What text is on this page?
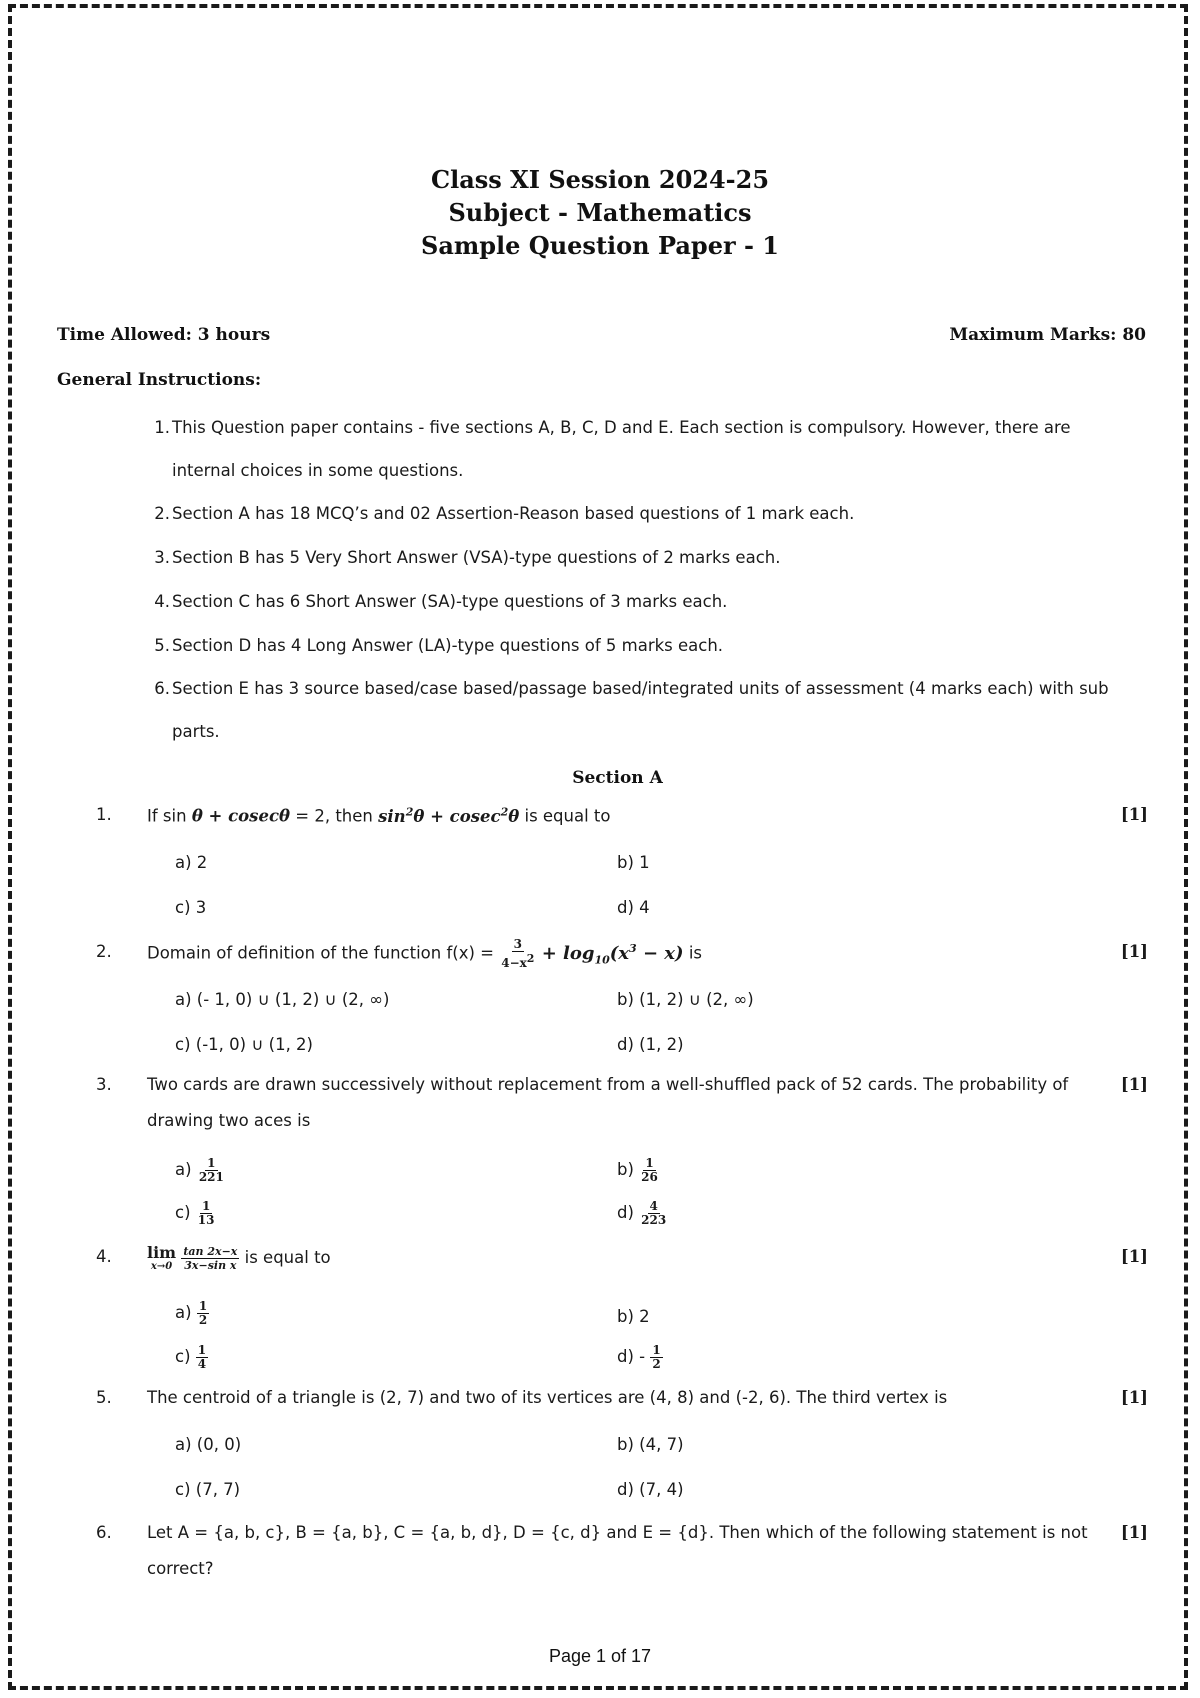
Class XI Session 2024-25
Subject - Mathematics
Sample Question Paper - 1
Time Allowed: 3 hours	Maximum Marks: 80
General Instructions:
1. This Question paper contains - five sections A, B, C, D and E. Each section is compulsory. However, there are
internal choices in some questions.
2. Section A has 18 MCQ’s and 02 Assertion-Reason based questions of 1 mark each.
3. Section B has 5 Very Short Answer (VSA)-type questions of 2 marks each.
4. Section C has 6 Short Answer (SA)-type questions of 3 marks each.
5. Section D has 4 Long Answer (LA)-type questions of 5 marks each.
6. Section E has 3 source based/case based/passage based/integrated units of assessment (4 marks each) with sub
parts.
Section A
1.	If sin θ + cosecθ = 2, then $\sin^2\theta + cosec^2\theta$ is equal to	[1]
a) 2	b) 1
c) 3	d) 4
2.	Domain of definition of the function $f(x) = \frac{3}{4-x^2} + \log_{10}(x^3 - x)$ is	[1]
a) (- 1, 0) ∪ (1, 2) ∪ (2, ∞)	b) (1, 2) ∪ (2, ∞)
c) (-1, 0) ∪ (1, 2)	d) (1, 2)
3.	Two cards are drawn successively without replacement from a well-shuffled pack of 52 cards. The probability of
drawing two aces is
[1]
$a) \frac{1}{221}$	$b) \frac{1}{26}$
$c) \frac{1}{13}$	$d) \frac{4}{223}$
4.	lim
x→0
$\frac{\tan 2x-x}{\text{3x−sin x}}$ is equal to	[1]
$a) \frac{1}{2}$	b) 2
$c) \frac{1}{4}$	$d) - \frac{1}{2}$
5.	The centroid of a triangle is (2, 7) and two of its vertices are (4, 8) and (-2, 6). The third vertex is	[1]
a) (0, 0)	b) (4, 7)
c) (7, 7)	d) (7, 4)
6.	Let A = {a, b, c}, B = {a, b}, C = {a, b, d}, D = {c, d} and E = {d}. Then which of the following statement is not
correct?
[1]
Page 1 of 17
